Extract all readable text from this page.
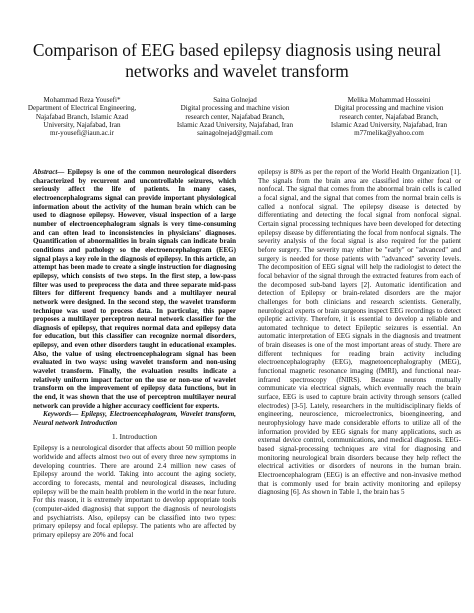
Comparison of EEG based epilepsy diagnosis using neural networks and wavelet transform
Mohammad Reza Yousefi*
Department of Electrical Engineering,
Najafabad Branch, Islamic Azad
University, Najafabad, Iran
mr-yousefi@iaun.ac.ir
Saina Golnejad
Digital processing and machine vision
research center, Najafabad Branch,
Islamic Azad University, Najafabad, Iran
sainagolnejad@gmail.com
Melika Mohammad Hosseini
Digital processing and machine vision
research center, Najafabad Branch,
Islamic Azad University, Najafabad, Iran
m77melika@yahoo.com

Abstract— Epilepsy is one of the common neurological disorders characterized by recurrent and uncontrollable seizures, which seriously affect the life of patients. In many cases, electroencephalograms signal can provide important physiological information about the activity of the human brain which can be used to diagnose epilepsy. However, visual inspection of a large number of electroencephalogram signals is very time-consuming and can often lead to inconsistencies in physicians' diagnoses. Quantification of abnormalities in brain signals can indicate brain conditions and pathology so the electroencephalogram (EEG) signal plays a key role in the diagnosis of epilepsy. In this article, an attempt has been made to create a single instruction for diagnosing epilepsy, which consists of two steps. In the first step, a low-pass filter was used to preprocess the data and three separate mid-pass filters for different frequency bands and a multilayer neural network were designed. In the second step, the wavelet transform technique was used to process data. In particular, this paper proposes a multilayer perceptron neural network classifier for the diagnosis of epilepsy, that requires normal data and epilepsy data for education, but this classifier can recognize normal disorders, epilepsy, and even other disorders taught in educational examples. Also, the value of using electroencephalogram signal has been evaluated in two ways: using wavelet transform and non-using wavelet transform. Finally, the evaluation results indicate a relatively uniform impact factor on the use or non-use of wavelet transform on the improvement of epilepsy data functions, but in the end, it was shown that the use of perceptron multilayer neural network can provide a higher accuracy coefficient for experts.

Keywords— Epilepsy, Electroencephalogram, Wavelet transform, Neural network Introduction

1. Introduction

Epilepsy is a neurological disorder that affects about 50 million people worldwide and affects almost two out of every three new symptoms in developing countries. There are around 2.4 million new cases of Epilepsy around the world. Taking into account the aging society, according to forecasts, mental and neurological diseases, including epilepsy will be the main health problem in the world in the near future. For this reason, it is extremely important to develop appropriate tools (computer-aided diagnosis) that support the diagnosis of neurologists and psychiatrists. Also, epilepsy can be classified into two types: primary epilepsy and focal epilepsy. The patients who are affected by primary epilepsy are 20% and focal

epilepsy is 80% as per the report of the World Health Organization [1]. The signals from the brain area are classified into either focal or nonfocal. The signal that comes from the abnormal brain cells is called a focal signal, and the signal that comes from the normal brain cells is called a nonfocal signal. The epilepsy disease is detected by differentiating and detecting the focal signal from nonfocal signal. Certain signal processing techniques have been developed for detecting epilepsy disease by differentiating the focal from nonfocal signals. The severity analysis of the focal signal is also required for the patient before surgery. The severity may either be "early" or "advanced" and surgery is needed for those patients with "advanced" severity levels. The decomposition of EEG signal will help the radiologist to detect the focal behavior of the signal through the extracted features from each of the decomposed sub-band layers [2]. Automatic identification and detection of Epilepsy or brain-related disorders are the major challenges for both clinicians and research scientists. Generally, neurological experts or brain surgeons inspect EEG recordings to detect epileptic activity. Therefore, it is essential to develop a reliable and automated technique to detect Epileptic seizures is essential. An automatic interpretation of EEG signals in the diagnosis and treatment of brain diseases is one of the most important areas of study. There are different techniques for reading brain activity including electroencephalography (EEG), magnetoencephalography (MEG), functional magnetic resonance imaging (fMRI), and functional near-infrared spectroscopy (fNIRS). Because neurons mutually communicate via electrical signals, which eventually reach the brain surface, EEG is used to capture brain activity through sensors (called electrodes) [3-5]. Lately, researchers in the multidisciplinary fields of engineering, neuroscience, microelectronics, bioengineering, and neurophysiology have made considerable efforts to utilize all of the information provided by EEG signals for many applications, such as external device control, communications, and medical diagnosis. EEG-based signal-processing techniques are vital for diagnosing and monitoring neurological brain disorders because they help reflect the electrical activities or disorders of neurons in the human brain. Electroencephalogram (EEG) is an effective and non-invasive method that is commonly used for brain activity monitoring and epilepsy diagnosing [6]. As shown in Table 1, the brain has 5
